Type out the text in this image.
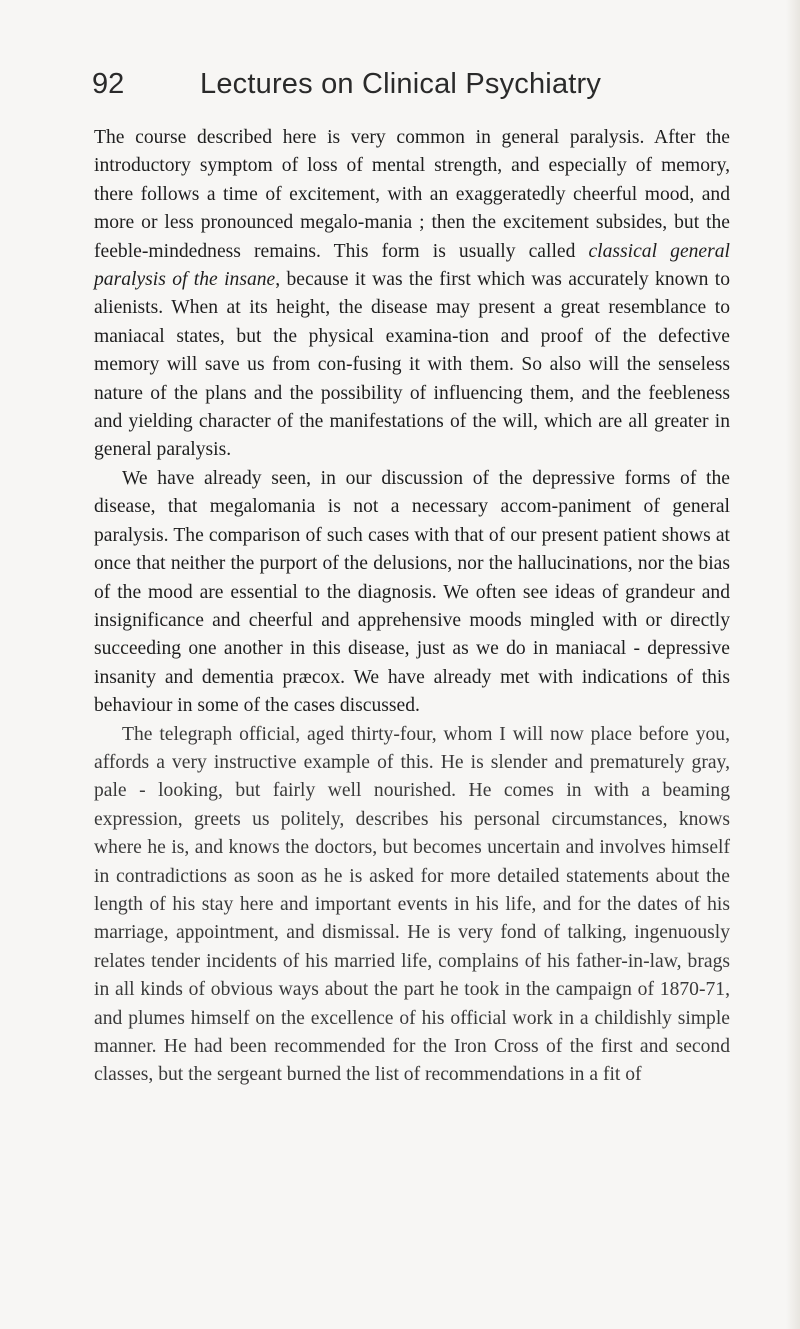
92	Lectures on Clinical Psychiatry

The course described here is very common in general paralysis. After the introductory symptom of loss of mental strength, and especially of memory, there follows a time of excitement, with an exaggeratedly cheerful mood, and more or less pronounced megalo-mania ; then the excitement subsides, but the feeble-mindedness remains. This form is usually called classical general paralysis of the insane, because it was the first which was accurately known to alienists. When at its height, the disease may present a great resemblance to maniacal states, but the physical examina-tion and proof of the defective memory will save us from con-fusing it with them. So also will the senseless nature of the plans and the possibility of influencing them, and the feebleness and yielding character of the manifestations of the will, which are all greater in general paralysis.

We have already seen, in our discussion of the depressive forms of the disease, that megalomania is not a necessary accom-paniment of general paralysis. The comparison of such cases with that of our present patient shows at once that neither the purport of the delusions, nor the hallucinations, nor the bias of the mood are essential to the diagnosis. We often see ideas of grandeur and insignificance and cheerful and apprehensive moods mingled with or directly succeeding one another in this disease, just as we do in maniacal - depressive insanity and dementia præcox. We have already met with indications of this behaviour in some of the cases discussed.

The telegraph official, aged thirty-four, whom I will now place before you, affords a very instructive example of this. He is slender and prematurely gray, pale - looking, but fairly well nourished. He comes in with a beaming expression, greets us politely, describes his personal circumstances, knows where he is, and knows the doctors, but becomes uncertain and involves himself in contradictions as soon as he is asked for more detailed statements about the length of his stay here and important events in his life, and for the dates of his marriage, appointment, and dismissal. He is very fond of talking, ingenuously relates tender incidents of his married life, complains of his father-in-law, brags in all kinds of obvious ways about the part he took in the campaign of 1870-71, and plumes himself on the excellence of his official work in a childishly simple manner. He had been recommended for the Iron Cross of the first and second classes, but the sergeant burned the list of recommendations in a fit of
